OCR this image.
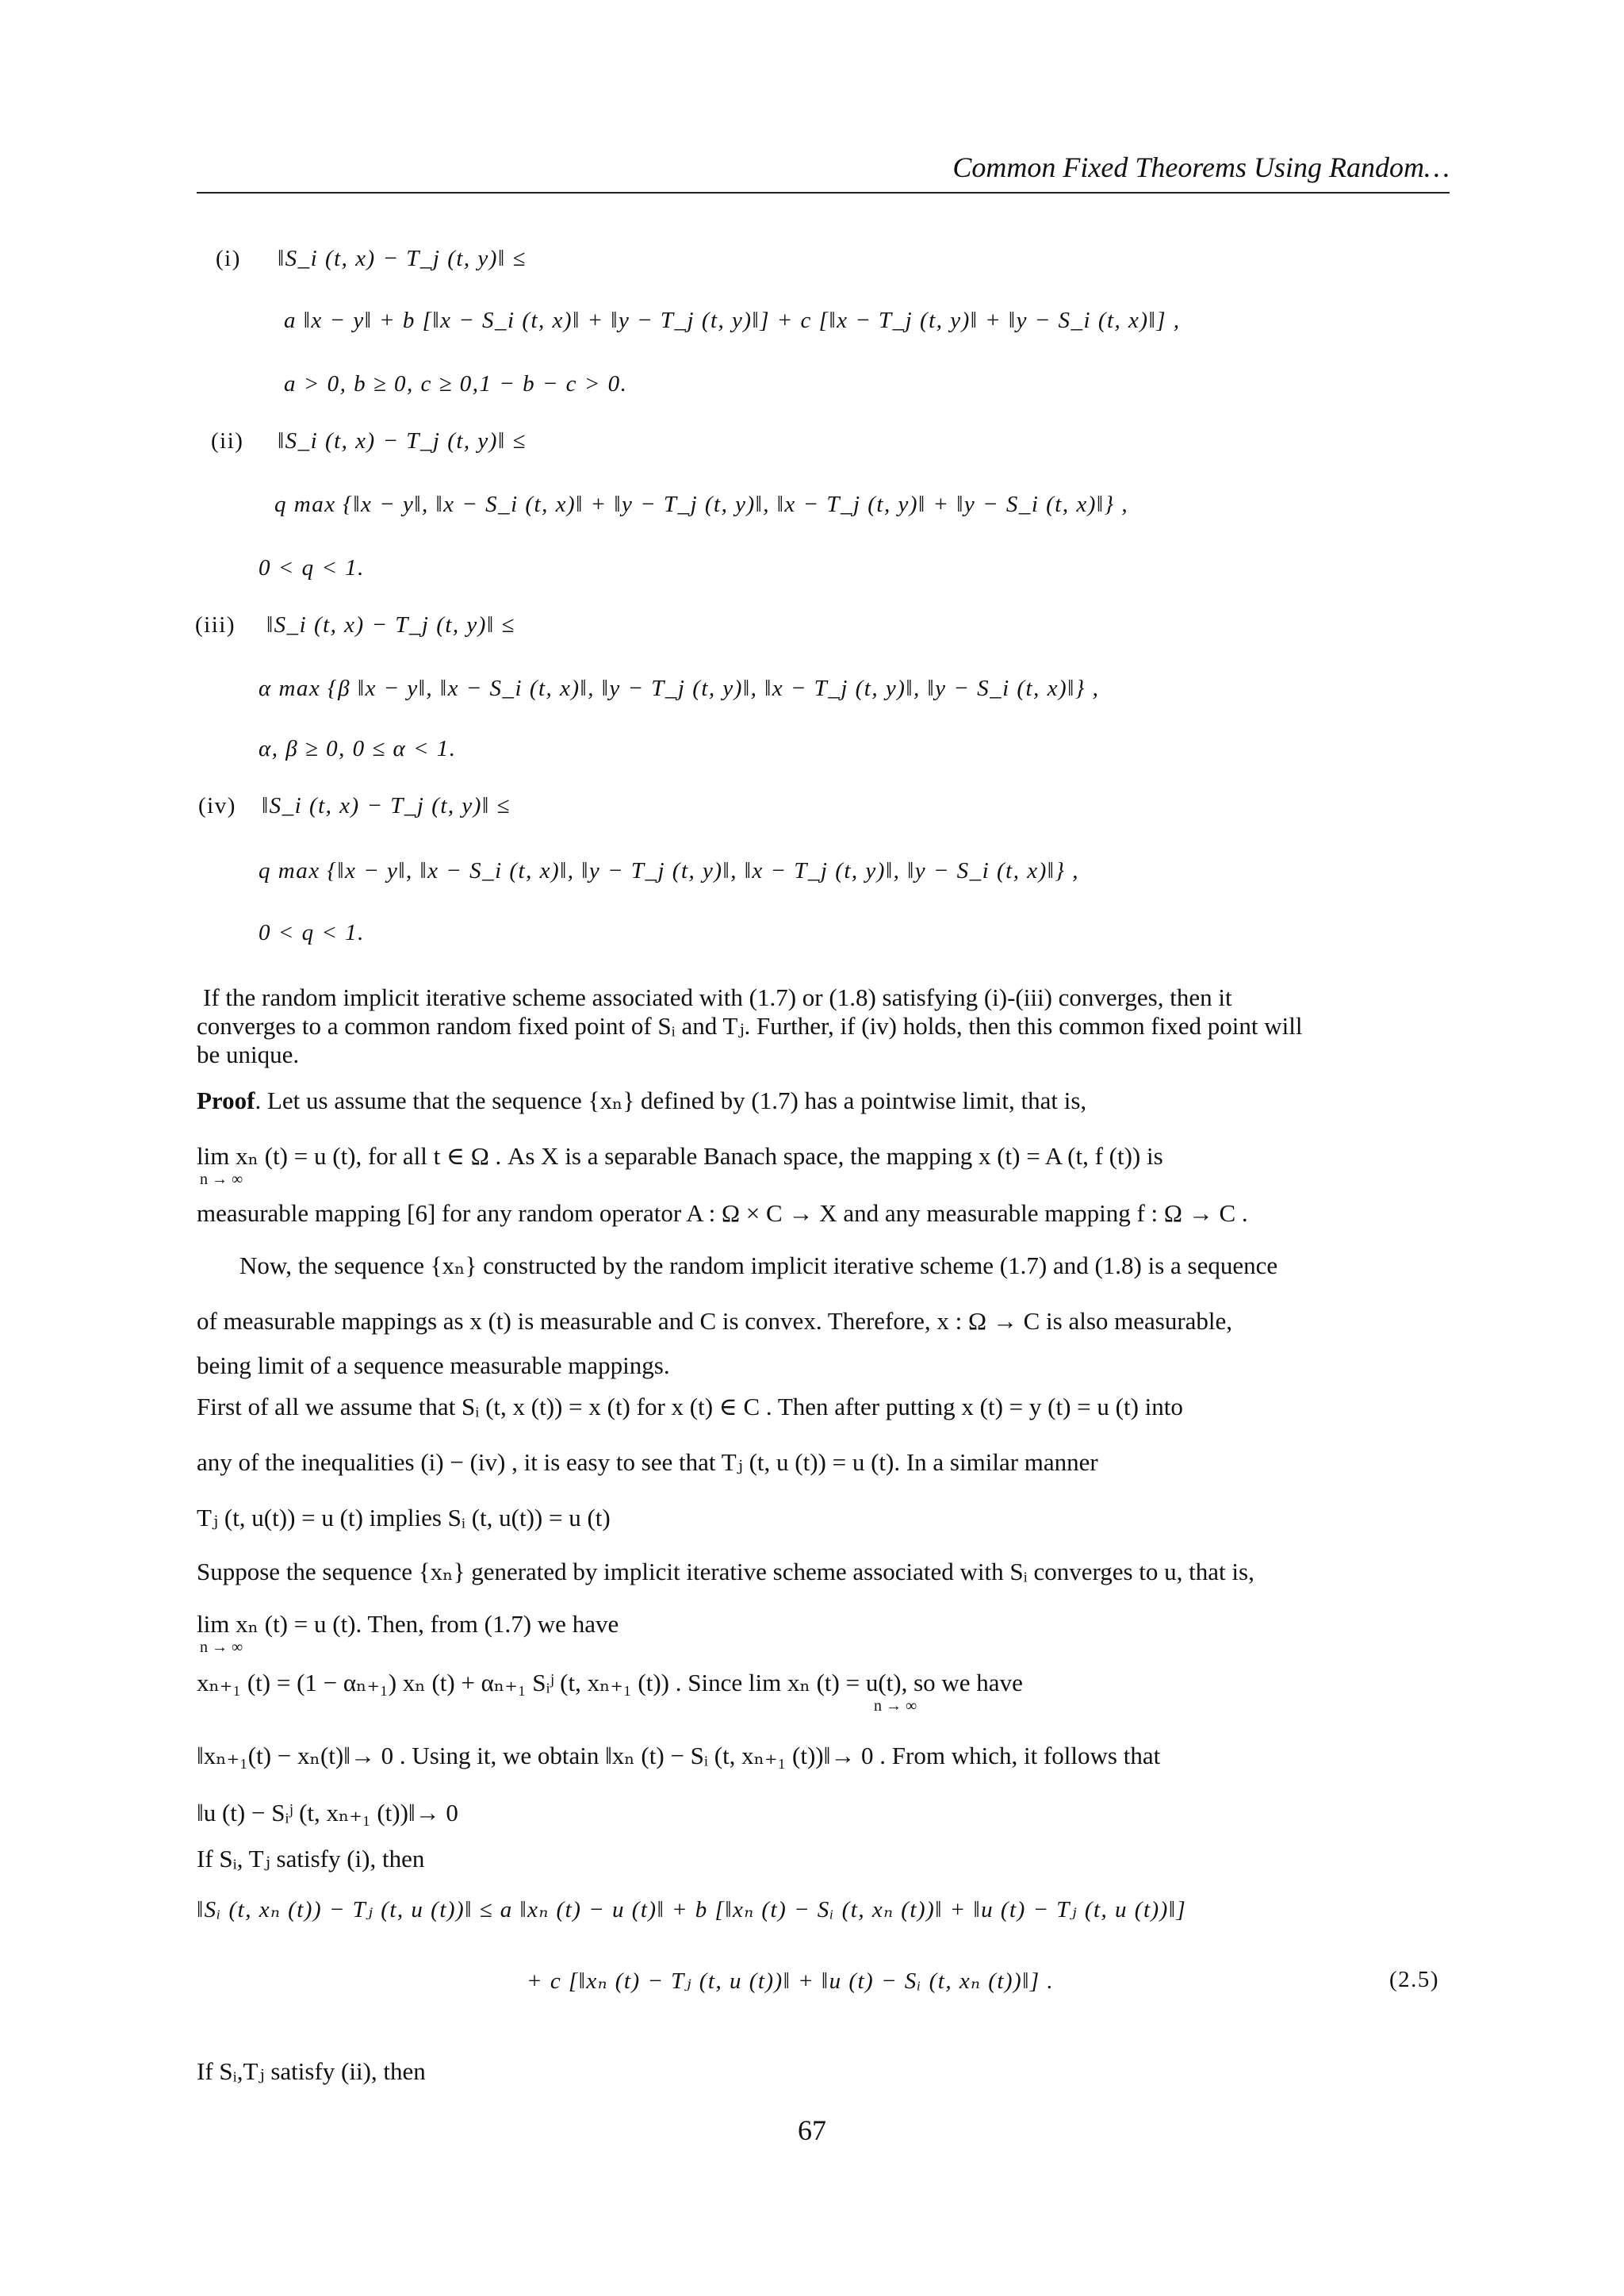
Common Fixed Theorems Using Random…
(i) ‖S_i (t, x) − T_j (t, y)‖ ≤
a ‖x − y‖ + b [‖x − S_i (t, x)‖ + ‖y − T_j (t, y)‖] + c [‖x − T_j (t, y)‖ + ‖y − S_i (t, x)‖] ,
a > 0, b ≥ 0, c ≥ 0,1 − b − c > 0.
(ii) ‖S_i (t, x) − T_j (t, y)‖ ≤
q max {‖x − y‖, ‖x − S_i (t, x)‖ + ‖y − T_j (t, y)‖, ‖x − T_j (t, y)‖ + ‖y − S_i (t, x)‖} ,
0 < q < 1.
(iii) ‖S_i (t, x) − T_j (t, y)‖ ≤
α max {β ‖x − y‖, ‖x − S_i (t, x)‖, ‖y − T_j (t, y)‖, ‖x − T_j (t, y)‖, ‖y − S_i (t, x)‖} ,
α, β ≥ 0, 0 ≤ α < 1.
(iv) ‖S_i (t, x) − T_j (t, y)‖ ≤
q max {‖x − y‖, ‖x − S_i (t, x)‖, ‖y − T_j (t, y)‖, ‖x − T_j (t, y)‖, ‖y − S_i (t, x)‖} ,
0 < q < 1.
If the random implicit iterative scheme associated with (1.7) or (1.8) satisfying (i)-(iii) converges, then it
converges to a common random fixed point of Sᵢ and Tⱼ. Further, if (iv) holds, then this common fixed point will
be unique.
Proof. Let us assume that the sequence {xₙ} defined by (1.7) has a pointwise limit, that is,
lim xₙ (t) = u (t), for all t ∈ Ω . As X is a separable Banach space, the mapping x (t) = A (t, f (t)) is
n → ∞
measurable mapping [6] for any random operator A : Ω × C → X and any measurable mapping f : Ω → C .
Now, the sequence {xₙ} constructed by the random implicit iterative scheme (1.7) and (1.8) is a sequence
of measurable mappings as x (t) is measurable and C is convex. Therefore, x : Ω → C is also measurable,
being limit of a sequence measurable mappings.
First of all we assume that Sᵢ (t, x (t)) = x (t) for x (t) ∈ C . Then after putting x (t) = y (t) = u (t) into
any of the inequalities (i) − (iv) , it is easy to see that Tⱼ (t, u (t)) = u (t). In a similar manner
Tⱼ (t, u(t)) = u (t) implies Sᵢ (t, u(t)) = u (t)
Suppose the sequence {xₙ} generated by implicit iterative scheme associated with Sᵢ converges to u, that is,
lim xₙ (t) = u (t). Then, from (1.7) we have
n → ∞
xₙ₊₁ (t) = (1 − αₙ₊₁) xₙ (t) + αₙ₊₁ Sᵢʲ (t, xₙ₊₁ (t)) . Since lim xₙ (t) = u(t), so we have
n → ∞
‖xₙ₊₁(t) − xₙ(t)‖→ 0 . Using it, we obtain ‖xₙ (t) − Sᵢ (t, xₙ₊₁ (t))‖→ 0 . From which, it follows that
‖u (t) − Sᵢʲ (t, xₙ₊₁ (t))‖→ 0
If Sᵢ, Tⱼ satisfy (i), then
‖Sᵢ (t, xₙ (t)) − Tⱼ (t, u (t))‖ ≤ a ‖xₙ (t) − u (t)‖ + b [‖xₙ (t) − Sᵢ (t, xₙ (t))‖ + ‖u (t) − Tⱼ (t, u (t))‖]
+ c [‖xₙ (t) − Tⱼ (t, u (t))‖ + ‖u (t) − Sᵢ (t, xₙ (t))‖] .	(2.5)
If Sᵢ,Tⱼ satisfy (ii), then
67
